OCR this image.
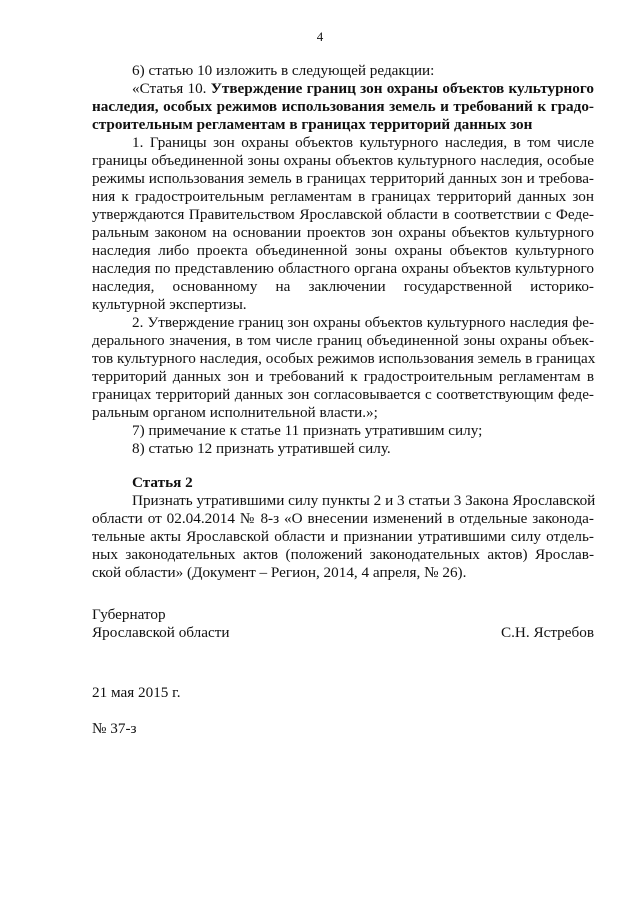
4
6) статью 10 изложить в следующей редакции:
«Статья 10. Утверждение границ зон охраны объектов культурного
наследия, особых режимов использования земель и требований к градо-
строительным регламентам в границах территорий данных зон
1. Границы зон охраны объектов культурного наследия, в том числе
границы объединенной зоны охраны объектов культурного наследия, особые
режимы использования земель в границах территорий данных зон и требова-
ния к градостроительным регламентам в границах территорий данных зон
утверждаются Правительством Ярославской области в соответствии с Феде-
ральным законом на основании проектов зон охраны объектов культурного
наследия либо проекта объединенной зоны охраны объектов культурного
наследия по представлению областного органа охраны объектов культурного
наследия, основанному на заключении государственной историко-
культурной экспертизы.
2. Утверждение границ зон охраны объектов культурного наследия фе-
дерального значения, в том числе границ объединенной зоны охраны объек-
тов культурного наследия, особых режимов использования земель в границах
территорий данных зон и требований к градостроительным регламентам в
границах территорий данных зон согласовывается с соответствующим феде-
ральным органом исполнительной власти.»;
7) примечание к статье 11 признать утратившим силу;
8) статью 12 признать утратившей силу.
Статья 2
Признать утратившими силу пункты 2 и 3 статьи 3 Закона Ярославской
области от 02.04.2014 № 8-з «О внесении изменений в отдельные законода-
тельные акты Ярославской области и признании утратившими силу отдель-
ных законодательных актов (положений законодательных актов) Ярослав-
ской области» (Документ – Регион, 2014, 4 апреля, № 26).
Губернатор
Ярославской области	С.Н. Ястребов
21 мая 2015 г.
№ 37-з
